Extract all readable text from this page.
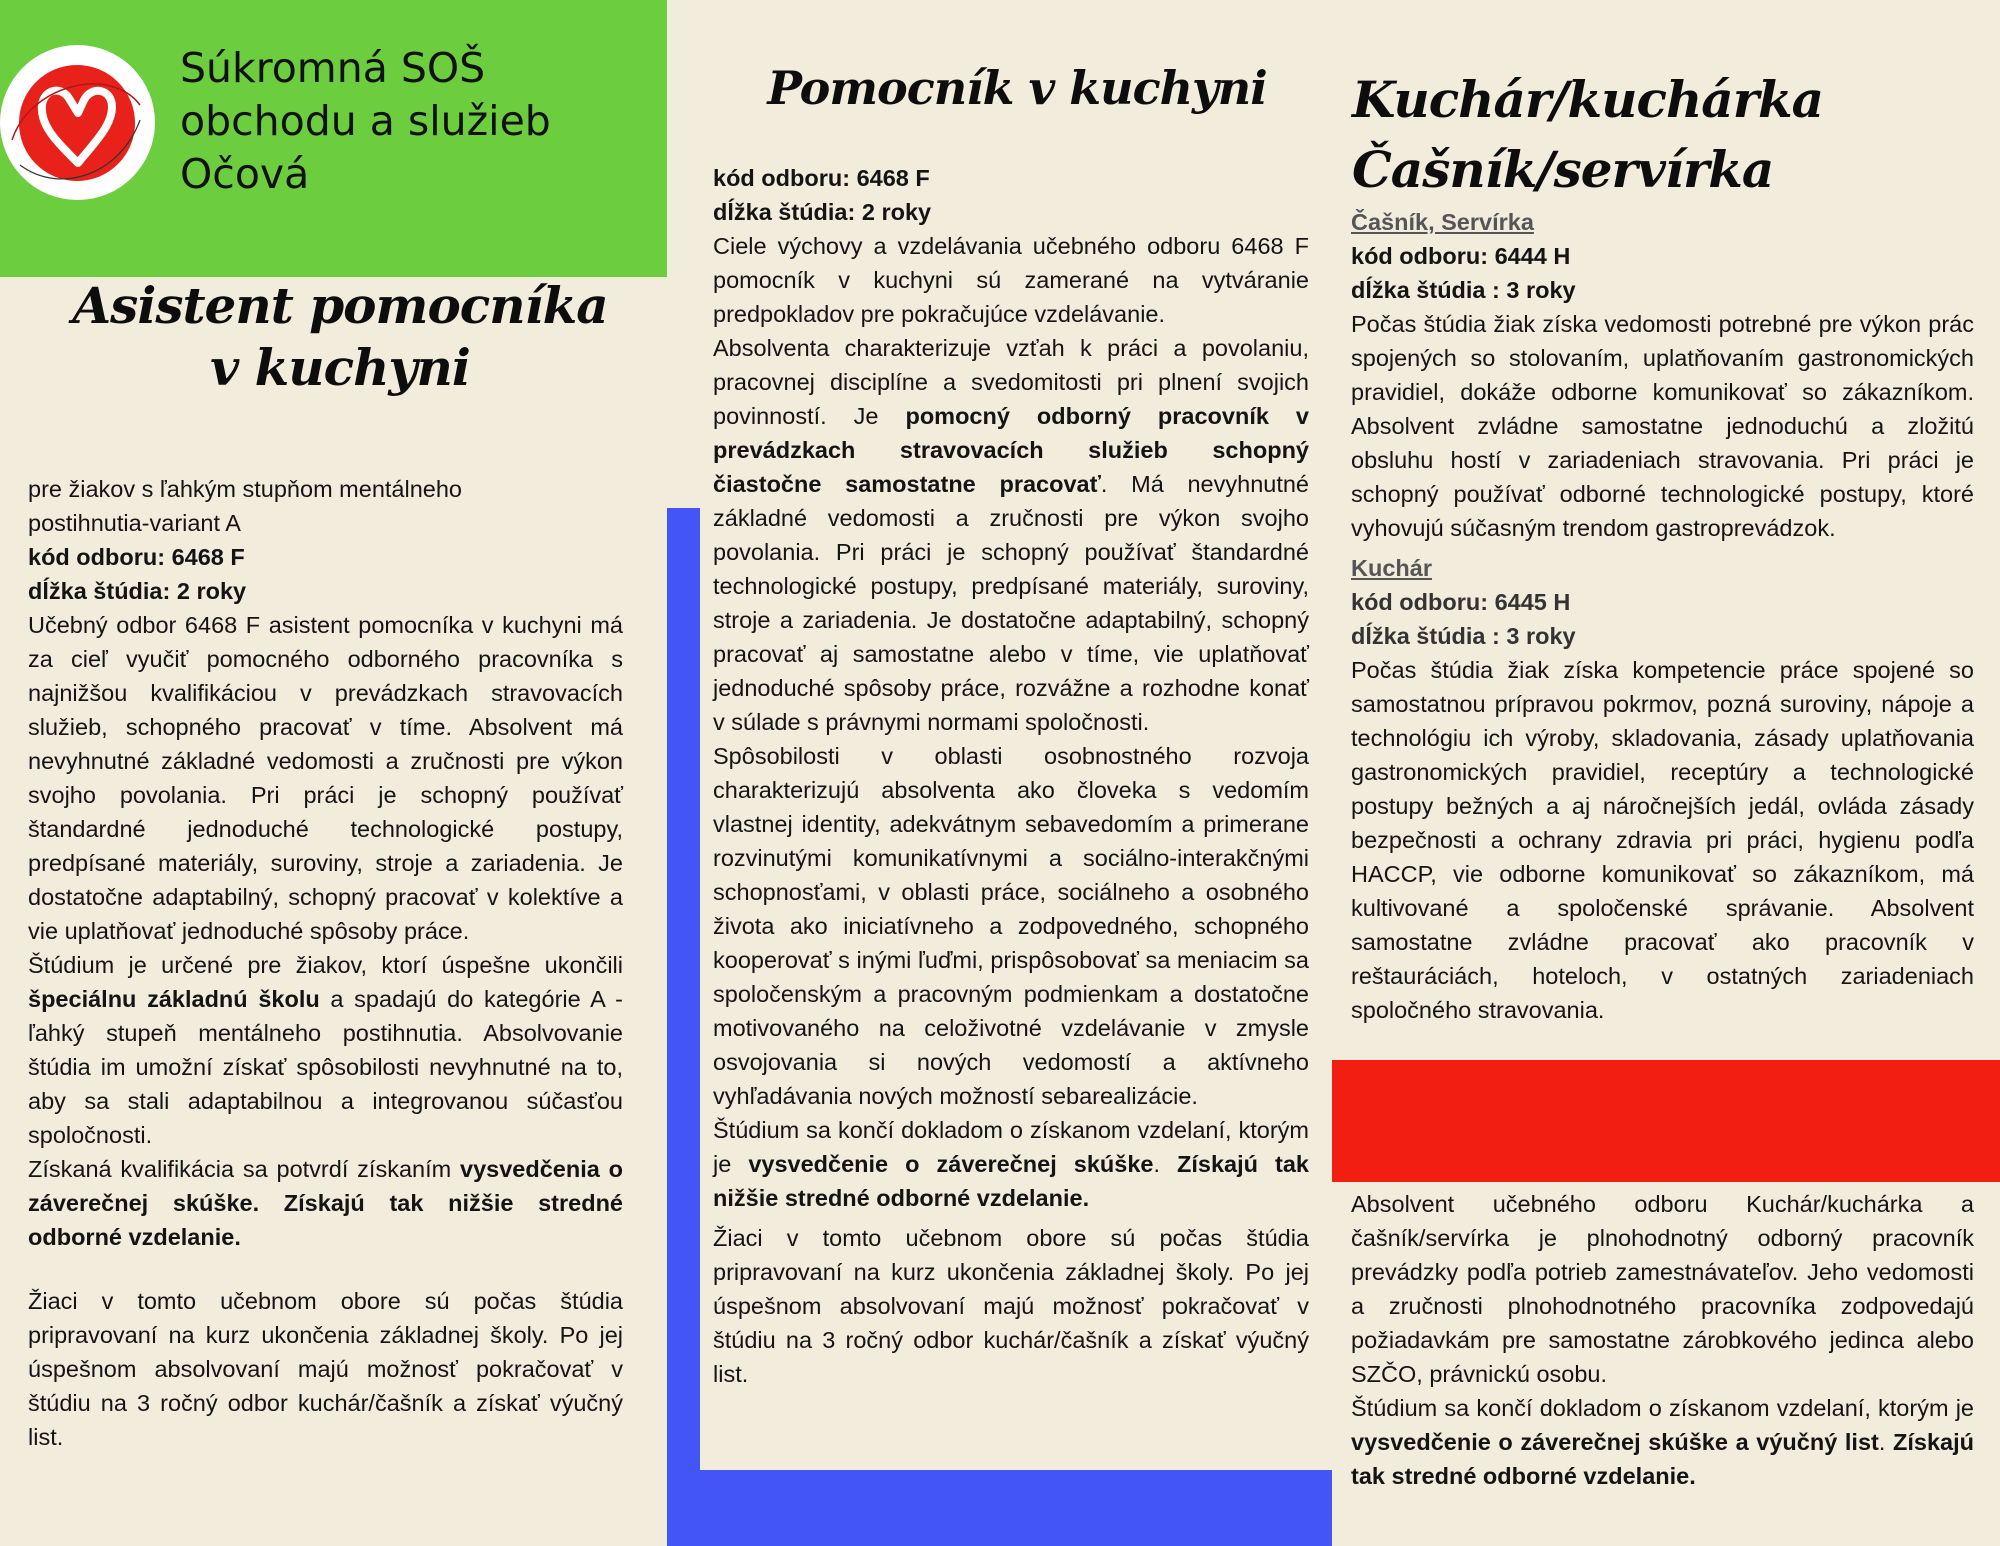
Súkromná SOŠ
obchodu a služieb
Očová
Asistent pomocníka
v kuchyni
Pomocník v kuchyni	Kuchár/kuchárka
Čašník/servírka

pre žiakov s ľahkým stupňom mentálneho

postihnutia-variant A

kód odboru: 6468 F

dĺžka štúdia: 2 roky

Učebný odbor 6468 F asistent pomocníka v kuchyni má za cieľ vyučiť pomocného odborného pracovníka s najnižšou kvalifikáciou v prevádzkach stravovacích služieb, schopného pracovať v tíme. Absolvent má nevyhnutné základné vedomosti a zručnosti pre výkon svojho povolania. Pri práci je schopný používať štandardné jednoduché technologické postupy, predpísané materiály, suroviny, stroje a zariadenia. Je dostatočne adaptabilný, schopný pracovať v kolektíve a vie uplatňovať jednoduché spôsoby práce.

Štúdium je určené pre žiakov, ktorí úspešne ukončili špeciálnu základnú školu a spadajú do kategórie A - ľahký stupeň mentálneho postihnutia. Absolvovanie štúdia im umožní získať spôsobilosti nevyhnutné na to, aby sa stali adaptabilnou a integrovanou súčasťou spoločnosti.

Získaná kvalifikácia sa potvrdí získaním vysvedčenia o záverečnej skúške. Získajú tak nižšie stredné odborné vzdelanie.

Žiaci v tomto učebnom obore sú počas štúdia pripravovaní na kurz ukončenia základnej školy. Po jej úspešnom absolvovaní majú možnosť pokračovať v štúdiu na 3 ročný odbor kuchár/čašník a získať výučný list.

kód odboru: 6468 F

dĺžka štúdia: 2 roky

Ciele výchovy a vzdelávania učebného odboru 6468 F pomocník v kuchyni sú zamerané na vytváranie predpokladov pre pokračujúce vzdelávanie.

Absolventa charakterizuje vzťah k práci a povolaniu, pracovnej disciplíne a svedomitosti pri plnení svojich povinností. Je pomocný odborný pracovník v prevádzkach stravovacích služieb schopný čiastočne samostatne pracovať. Má nevyhnutné základné vedomosti a zručnosti pre výkon svojho povolania. Pri práci je schopný používať štandardné technologické postupy, predpísané materiály, suroviny, stroje a zariadenia. Je dostatočne adaptabilný, schopný pracovať aj samostatne alebo v tíme, vie uplatňovať jednoduché spôsoby práce, rozvážne a rozhodne konať v súlade s právnymi normami spoločnosti.

Spôsobilosti v oblasti osobnostného rozvoja charakterizujú absolventa ako človeka s vedomím vlastnej identity, adekvátnym sebavedomím a primerane rozvinutými komunikatívnymi a sociálno-interakčnými schopnosťami, v oblasti práce, sociálneho a osobného života ako iniciatívneho a zodpovedného, schopného kooperovať s inými ľuďmi, prispôsobovať sa meniacim sa spoločenským a pracovným podmienkam a dostatočne motivovaného na celoživotné vzdelávanie v zmysle osvojovania si nových vedomostí a aktívneho vyhľadávania nových možností sebarealizácie.

Štúdium sa končí dokladom o získanom vzdelaní, ktorým je vysvedčenie o záverečnej skúške. Získajú tak nižšie stredné odborné vzdelanie.

Žiaci v tomto učebnom obore sú počas štúdia pripravovaní na kurz ukončenia základnej školy. Po jej úspešnom absolvovaní majú možnosť pokračovať v štúdiu na 3 ročný odbor kuchár/čašník a získať výučný list.

Čašník, Servírka

kód odboru: 6444 H

dĺžka štúdia : 3 roky

Počas štúdia žiak získa vedomosti potrebné pre výkon prác spojených so stolovaním, uplatňovaním gastronomických pravidiel, dokáže odborne komunikovať so zákazníkom. Absolvent zvládne samostatne jednoduchú a zložitú obsluhu hostí v zariadeniach stravovania. Pri práci je schopný používať odborné technologické postupy, ktoré vyhovujú súčasným trendom gastroprevádzok.

Kuchár

kód odboru: 6445 H

dĺžka štúdia : 3 roky

Počas štúdia žiak získa kompetencie práce spojené so samostatnou prípravou pokrmov, pozná suroviny, nápoje a technológiu ich výroby, skladovania, zásady uplatňovania gastronomických pravidiel, receptúry a technologické postupy bežných a aj náročnejších jedál, ovláda zásady bezpečnosti a ochrany zdravia pri práci, hygienu podľa HACCP, vie odborne komunikovať so zákazníkom, má kultivované a spoločenské správanie. Absolvent samostatne zvládne pracovať ako pracovník v reštauráciách, hoteloch, v ostatných zariadeniach spoločného stravovania.

Absolvent učebného odboru Kuchár/kuchárka a čašník/servírka je plnohodnotný odborný pracovník prevádzky podľa potrieb zamestnávateľov. Jeho vedomosti a zručnosti plnohodnotného pracovníka zodpovedajú požiadavkám pre samostatne zárobkového jedinca alebo SZČO, právnickú osobu.

Štúdium sa končí dokladom o získanom vzdelaní, ktorým je vysvedčenie o záverečnej skúške a výučný list. Získajú tak stredné odborné vzdelanie.
